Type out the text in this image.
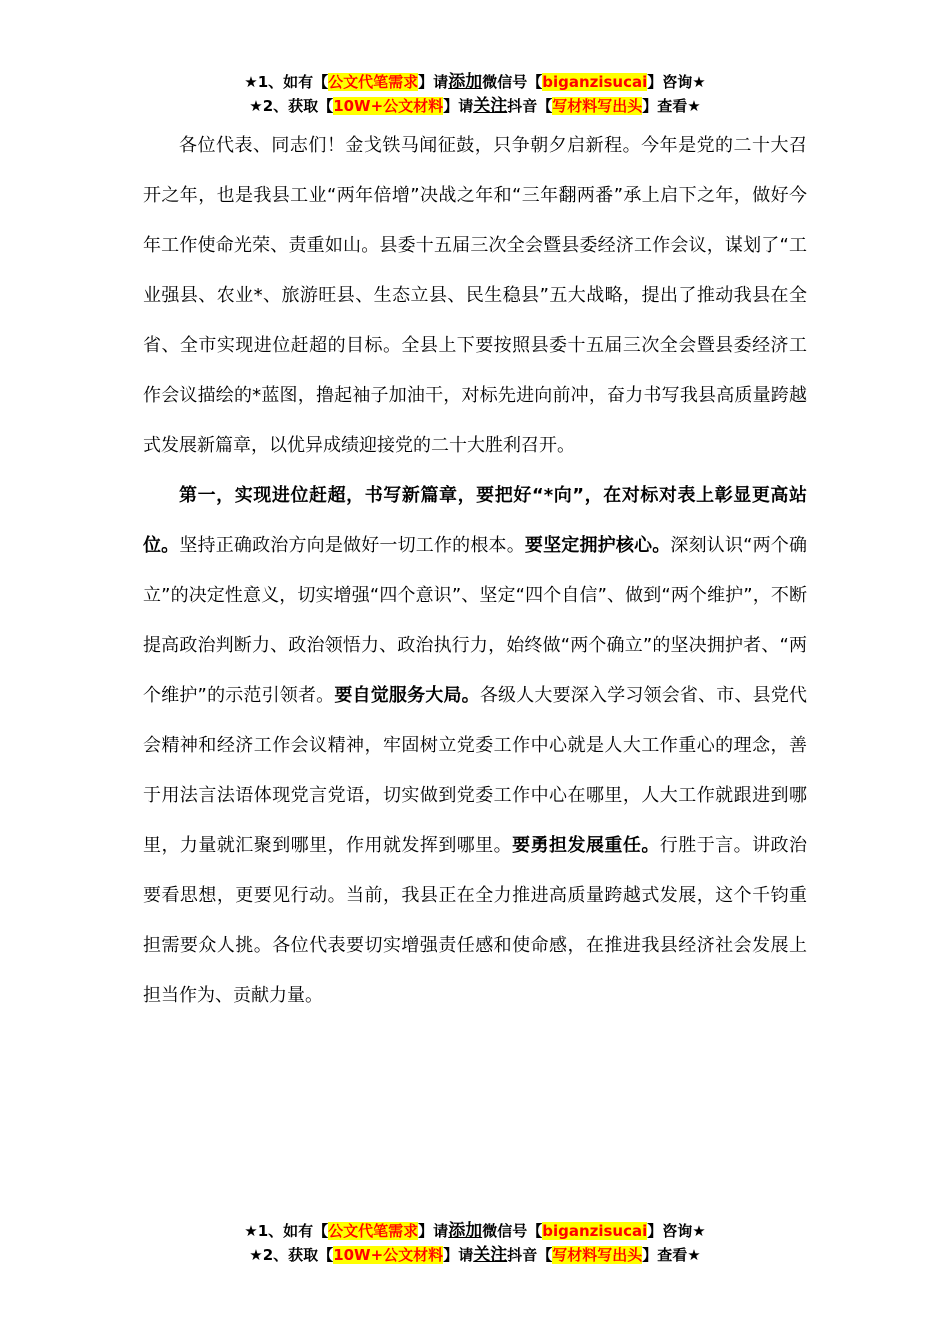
★1、如有【公文代笔需求】请添加微信号【biganzisucai】咨询★
★2、获取【10W+公文材料】请关注抖音【写材料写出头】查看★

各位代表、同志们！金戈铁马闻征鼓，只争朝夕启新程。今年是党的二十大召开之年，也是我县工业“两年倍增”决战之年和“三年翻两番”承上启下之年，做好今年工作使命光荣、责重如山。县委十五届三次全会暨县委经济工作会议，谋划了“工业强县、农业*、旅游旺县、生态立县、民生稳县”五大战略，提出了推动我县在全省、全市实现进位赶超的目标。全县上下要按照县委十五届三次全会暨县委经济工作会议描绘的*蓝图，撸起袖子加油干，对标先进向前冲，奋力书写我县高质量跨越式发展新篇章，以优异成绩迎接党的二十大胜利召开。

第一，实现进位赶超，书写新篇章，要把好“*向”，在对标对表上彰显更高站位。坚持正确政治方向是做好一切工作的根本。要坚定拥护核心。深刻认识“两个确立”的决定性意义，切实增强“四个意识”、坚定“四个自信”、做到“两个维护”，不断提高政治判断力、政治领悟力、政治执行力，始终做“两个确立”的坚决拥护者、“两个维护”的示范引领者。要自觉服务大局。各级人大要深入学习领会省、市、县党代会精神和经济工作会议精神，牢固树立党委工作中心就是人大工作重心的理念，善于用法言法语体现党言党语，切实做到党委工作中心在哪里，人大工作就跟进到哪里，力量就汇聚到哪里，作用就发挥到哪里。要勇担发展重任。行胜于言。讲政治要看思想，更要见行动。当前，我县正在全力推进高质量跨越式发展，这个千钧重担需要众人挑。各位代表要切实增强责任感和使命感，在推进我县经济社会发展上担当作为、贡献力量。

★1、如有【公文代笔需求】请添加微信号【biganzisucai】咨询★
★2、获取【10W+公文材料】请关注抖音【写材料写出头】查看★
